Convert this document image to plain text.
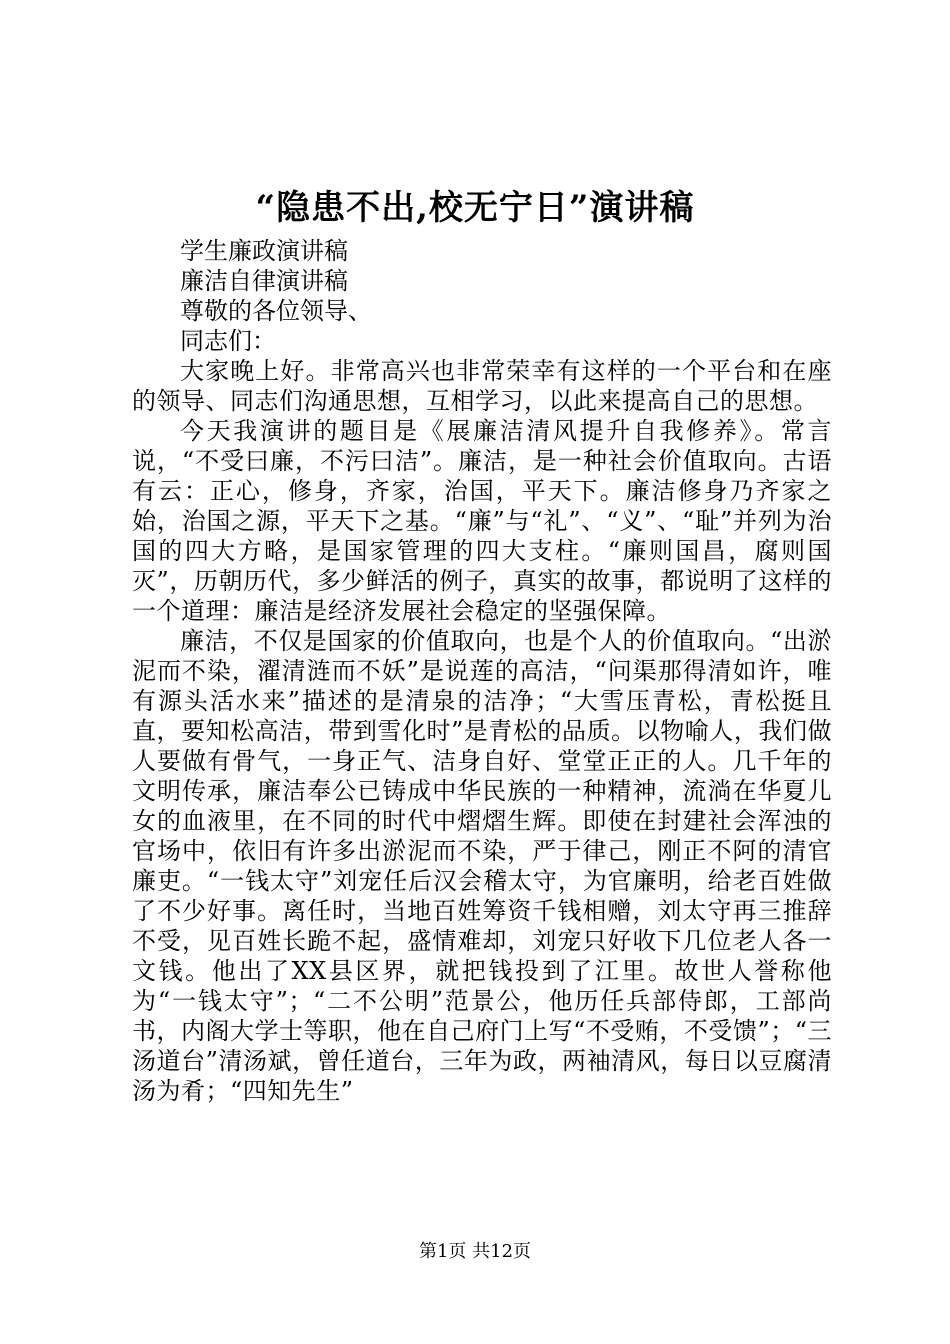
“隐患不出,校无宁日”演讲稿

学生廉政演讲稿

廉洁自律演讲稿

尊敬的各位领导、

同志们：

大家晚上好。非常高兴也非常荣幸有这样的一个平台和在座的领导、同志们沟通思想，互相学习，以此来提高自己的思想。

今天我演讲的题目是《展廉洁清风提升自我修养》。常言说，“不受曰廉，不污曰洁”。廉洁，是一种社会价值取向。古语有云：正心，修身，齐家，治国，平天下。廉洁修身乃齐家之始，治国之源，平天下之基。“廉”与“礼”、“义”、“耻”并列为治国的四大方略，是国家管理的四大支柱。“廉则国昌，腐则国灭”，历朝历代，多少鲜活的例子，真实的故事，都说明了这样的一个道理：廉洁是经济发展社会稳定的坚强保障。

廉洁，不仅是国家的价值取向，也是个人的价值取向。“出淤泥而不染，濯清涟而不妖”是说莲的高洁，“问渠那得清如许，唯有源头活水来”描述的是清泉的洁净；“大雪压青松，青松挺且直，要知松高洁，带到雪化时”是青松的品质。以物喻人，我们做人要做有骨气，一身正气、洁身自好、堂堂正正的人。几千年的文明传承，廉洁奉公已铸成中华民族的一种精神，流淌在华夏儿女的血液里，在不同的时代中熠熠生辉。即使在封建社会浑浊的官场中，依旧有许多出淤泥而不染，严于律己，刚正不阿的清官廉吏。“一钱太守”刘宠任后汉会稽太守，为官廉明，给老百姓做了不少好事。离任时，当地百姓筹资千钱相赠，刘太守再三推辞不受，见百姓长跪不起，盛情难却，刘宠只好收下几位老人各一文钱。他出了XX县区界，就把钱投到了江里。故世人誉称他为“一钱太守”；“二不公明”范景公，他历任兵部侍郎，工部尚书，内阁大学士等职，他在自己府门上写“不受贿，不受馈”；“三汤道台”清汤斌，曾任道台，三年为政，两袖清风，每日以豆腐清汤为肴；“四知先生”

第1页 共12页
